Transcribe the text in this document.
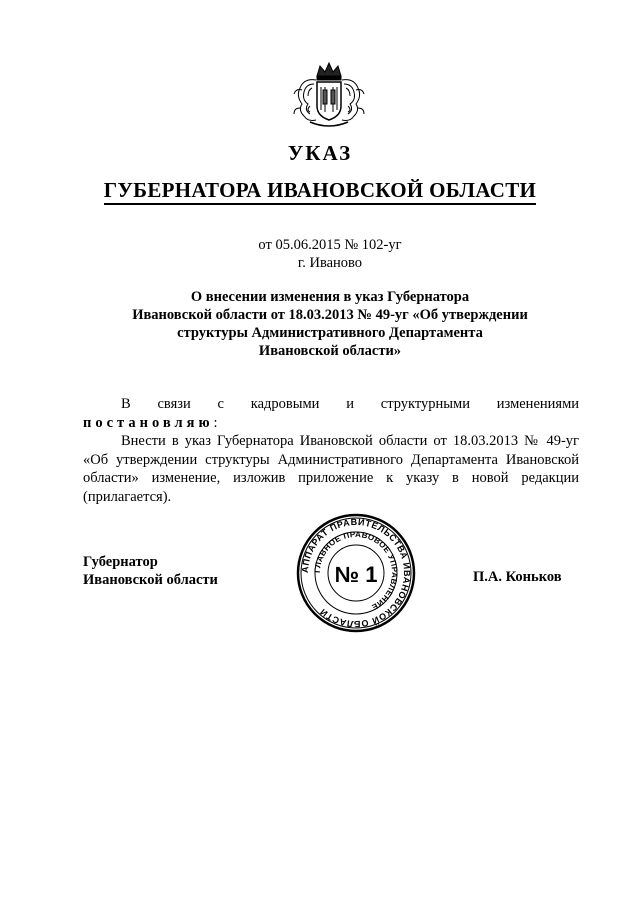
УКАЗ
ГУБЕРНАТОРА ИВАНОВСКОЙ ОБЛАСТИ
от 05.06.2015 № 102-уг
г. Иваново
О внесении изменения в указ Губернатора
Ивановской области от 18.03.2013 № 49-уг «Об утверждении
структуры Административного Департамента
Ивановской области»
В связи с кадровыми и структурными изменениями
постановляю:
Внести в указ Губернатора Ивановской области от 18.03.2013 № 49-уг «Об утверждении структуры Административного Департамента Ивановской области» изменение, изложив приложение к указу в новой редакции (прилагается).
Губернатор
Ивановской области
АППАРАТ ПРАВИТЕЛЬСТВА ИВАНОВСКОЙ ОБЛАСТИ
ГЛАВНОЕ ПРАВОВОЕ УПРАВЛЕНИЕ
№ 1	П.А. Коньков
